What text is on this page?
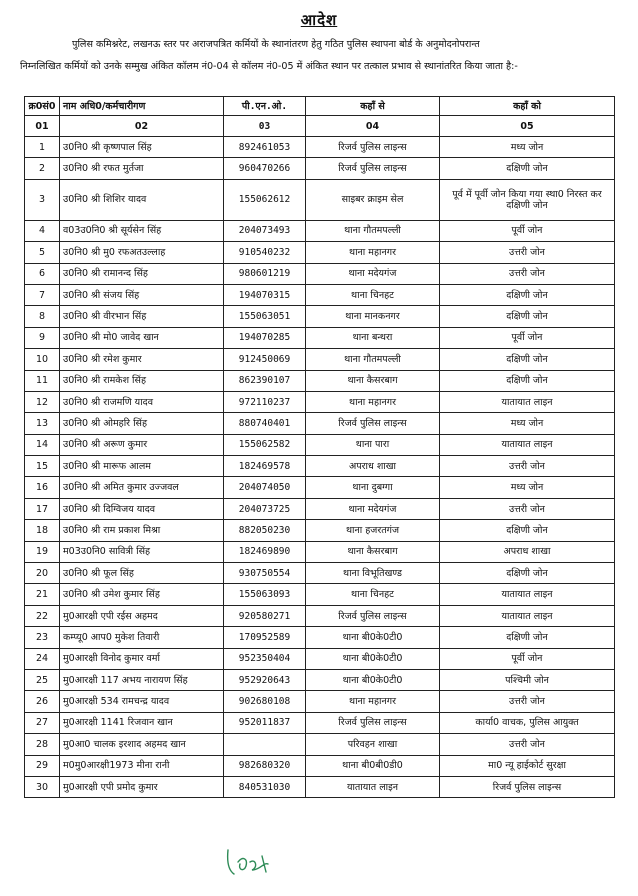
आदेश
पुलिस कमिश्नरेट, लखनऊ स्तर पर अराजपत्रित कर्मियों के स्थानांतरण हेतु गठित पुलिस स्थापना बोर्ड के अनुमोदनोपरान्त
निम्नलिखित कर्मियों को उनके सम्मुख अंकित कॉलम नं0-04 से कॉलम नं0-05 में अंकित स्थान पर तत्काल प्रभाव से स्थानांतरित किया जाता है:-
क्र0सं0	नाम अधि0/कर्मचारीगण	पी.एन.ओ.	कहाँ से	कहाँ को
01	02	03	04	05
1	उ0नि0 श्री कृष्णपाल सिंह	892461053	रिजर्व पुलिस लाइन्स	मध्य जोन
2	उ0नि0 श्री रफत मुर्तजा	960470266	रिजर्व पुलिस लाइन्स	दक्षिणी जोन
3	उ0नि0 श्री शिशिर यादव	155062612	साइबर क्राइम सेल	पूर्व में पूर्वी जोन किया गया स्था0 निरस्त कर दक्षिणी जोन
4	व03उ0नि0 श्री सूर्यसेन सिंह	204073493	थाना गौतमपल्ली	पूर्वी जोन
5	उ0नि0 श्री मु0 रफअतउल्लाह	910540232	थाना महानगर	उत्तरी जोन
6	उ0नि0 श्री रामानन्द सिंह	980601219	थाना मदेयगंज	उत्तरी जोन
7	उ0नि0 श्री संजय सिंह	194070315	थाना चिनहट	दक्षिणी जोन
8	उ0नि0 श्री वीरभान सिंह	155063051	थाना मानकनगर	दक्षिणी जोन
9	उ0नि0 श्री मो0 जावेद खान	194070285	थाना बन्थरा	पूर्वी जोन
10	उ0नि0 श्री रमेश कुमार	912450069	थाना गौतमपल्ली	दक्षिणी जोन
11	उ0नि0 श्री रामकेश सिंह	862390107	थाना कैसरबाग	दक्षिणी जोन
12	उ0नि0 श्री राजमणि यादव	972110237	थाना महानगर	यातायात लाइन
13	उ0नि0 श्री ओमहरि सिंह	880740401	रिजर्व पुलिस लाइन्स	मध्य जोन
14	उ0नि0 श्री अरूण कुमार	155062582	थाना पारा	यातायात लाइन
15	उ0नि0 श्री मारूफ आलम	182469578	अपराध शाखा	उत्तरी जोन
16	उ0नि0 श्री अमित कुमार उज्जवल	204074050	थाना दुबग्गा	मध्य जोन
17	उ0नि0 श्री दिग्विजय यादव	204073725	थाना मदेयगंज	उत्तरी जोन
18	उ0नि0 श्री राम प्रकाश मिश्रा	882050230	थाना हजरतगंज	दक्षिणी जोन
19	म03उ0नि0 सावित्री सिंह	182469890	थाना कैसरबाग	अपराध शाखा
20	उ0नि0 श्री फूल सिंह	930750554	थाना विभूतिखण्ड	दक्षिणी जोन
21	उ0नि0 श्री उमेश कुमार सिंह	155063093	थाना चिनहट	यातायात लाइन
22	मु0आरक्षी एपी रईस अहमद	920580271	रिजर्व पुलिस लाइन्स	यातायात लाइन
23	कम्प्यू0 आप0 मुकेश तिवारी	170952589	थाना बी0के0टी0	दक्षिणी जोन
24	मु0आरक्षी विनोद कुमार वर्मा	952350404	थाना बी0के0टी0	पूर्वी जोन
25	मु0आरक्षी 117 अभय नारायण सिंह	952920643	थाना बी0के0टी0	पश्चिमी जोन
26	मु0आरक्षी 534 रामचन्द्र यादव	902680108	थाना महानगर	उत्तरी जोन
27	मु0आरक्षी 1141 रिजवान खान	952011837	रिजर्व पुलिस लाइन्स	कार्या0 वाचक, पुलिस आयुक्त
28	मु0आ0 चालक इरशाद अहमद खान		परिवहन शाखा	उत्तरी जोन
29	म0मु0आरक्षी1973 मीना रानी	982680320	थाना बी0बी0डी0	मा0 न्यू हाईकोर्ट सुरक्षा
30	मु0आरक्षी एपी प्रमोद कुमार	840531030	यातायात लाइन	रिजर्व पुलिस लाइन्स
